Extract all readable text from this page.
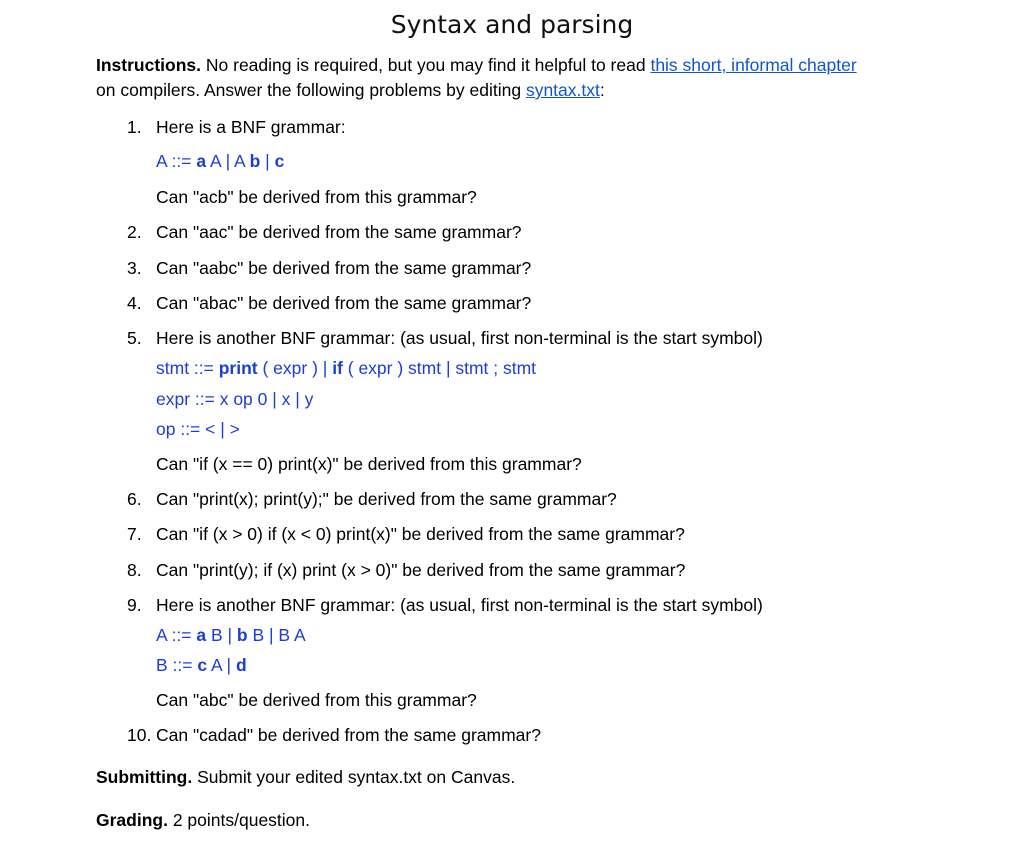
Syntax and parsing
Instructions. No reading is required, but you may find it helpful to read this short, informal chapter
on compilers. Answer the following problems by editing syntax.txt:
1. Here is a BNF grammar:
A ::= a A | A b | c
Can "acb" be derived from this grammar?
2. Can "aac" be derived from the same grammar?
3. Can "aabc" be derived from the same grammar?
4. Can "abac" be derived from the same grammar?
5. Here is another BNF grammar: (as usual, first non-terminal is the start symbol)
stmt ::= print ( expr ) | if ( expr ) stmt | stmt ; stmt
expr ::= x op 0 | x | y
op ::= < | >
Can "if (x == 0) print(x)" be derived from this grammar?
6. Can "print(x); print(y);" be derived from the same grammar?
7. Can "if (x > 0) if (x < 0) print(x)" be derived from the same grammar?
8. Can "print(y); if (x) print (x > 0)" be derived from the same grammar?
9. Here is another BNF grammar: (as usual, first non-terminal is the start symbol)
A ::= a B | b B | B A
B ::= c A | d
Can "abc" be derived from this grammar?
10. Can "cadad" be derived from the same grammar?
Submitting. Submit your edited syntax.txt on Canvas.
Grading. 2 points/question.
